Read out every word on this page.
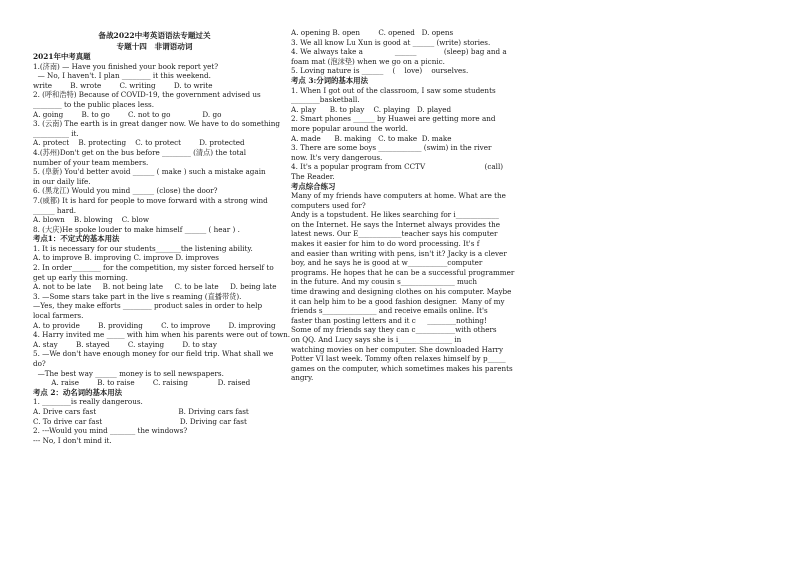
备战2022中考英语语法专题过关
专题十四　非谓语动词
2021年中考真题
1.(济南) — Have you finished your book report yet?
— No, I haven't. I plan ________ it this weekend.
write        B. wrote        C. writing        D. to write
2. (呼和浩特) Because of COVID-19, the government advised us
________ to the public places less.
A. going        B. to go        C. not to go              D. go
3. (云南) The earth is in great danger now. We have to do something
__________ it.
A. protect    B. protecting    C. to protect        D. protected
4.(苏州)Don't get on the bus before ________ (清点) the total
number of your team members.
5. (阜新) You'd better avoid ______ ( make ) such a mistake again
in our daily life.
6. (黑龙江) Would you mind ______ (close) the door?
7.(威都) It is hard for people to move forward with a strong wind
______ hard.
A. blown    B. blowing    C. blow
8. (大庆)He spoke louder to make himself ______ ( hear ) .
考点1：不定式的基本用法
1. It is necessary for our students_______the listening ability.
A. to improve B. improving C. improve D. improves
2. In order________ for the competition, my sister forced herself to
get up early this morning.
A. not to be late     B. not being late     C. to be late     D. being late
3. —Some stars take part in the live s reaming (直播带货).
—Yes, they make efforts ________ product sales in order to help
local farmers.
A. to provide        B. providing        C. to improve        D. improving
4. Harry invited me _____ with him when his parents were out of town.
A. stay        B. stayed        C. staying        D. to stay
5. —We don't have enough money for our field trip. What shall we
do?
—The best way ______ money is to sell newspapers.
A. raise        B. to raise        C. raising             D. raised
考点 2：动名词的基本用法
1. ________is really dangerous.
A. Drive cars fast                                    B. Driving cars fast
C. To drive car fast                                  D. Driving car fast
2. ---Would you mind _______ the windows?
--- No, I don't mind it.
A. opening B. open        C. opened   D. opens
3. We all know Lu Xun is good at ______ (write) stories.
4. We always take a              ______            (sleep) bag and a
foam mat (泡沫垫) when we go on a picnic.
5. Loving nature is ______    (    love)    ourselves.
考点 3:分词的基本用法
1. When I got out of the classroom, I saw some students
________basketball.
A. play      B. to play    C. playing   D. played
2. Smart phones ______ by Huawei are getting more and
more popular around the world.
A. made      B. making   C. to make  D. make
3. There are some boys ____________ (swim) in the river
now. It's very dangerous.
4. It's a popular program from CCTV                          (call)
The Reader.
考点综合练习
Many of my friends have computers at home. What are the
computers used for?
Andy is a topstudent. He likes searching for i____________
on the Internet. He says the Internet always provides the
latest news. Our E____________teacher says his computer
makes it easier for him to do word processing. It's f
and easier than writing with pens, isn't it? Jacky is a clever
boy, and he says he is good at w___________computer
programs. He hopes that he can be a successful programmer
in the future. And my cousin s_______________ much
time drawing and designing clothes on his computer. Maybe
it can help him to be a good fashion designer.  Many of my
friends s_______________ and receive emails online. It's
faster than posting letters and it c     ________nothing!
Some of my friends say they can c___________with others
on QQ. And Lucy says she is i_______________ in
watching movies on her computer. She downloaded Harry
Potter VI last week. Tommy often relaxes himself by p_____
games on the computer, which sometimes makes his parents
angry.
